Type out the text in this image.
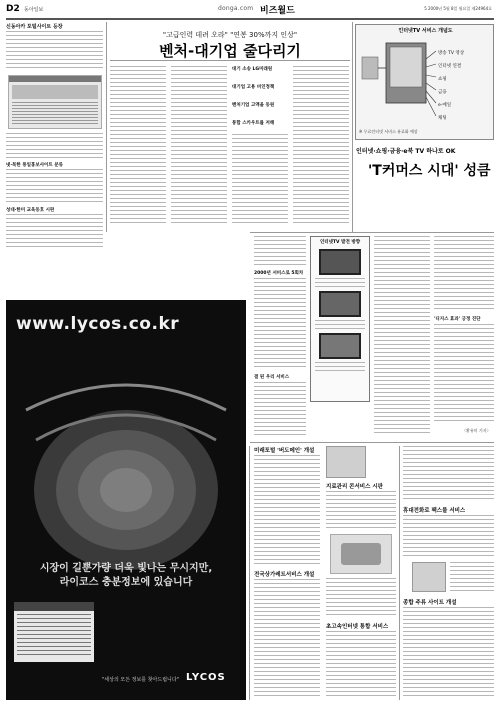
D2 동아일보	donga.com 비즈월드	5 2000년 5월 8일 월요일 제24964호
신동아카 포털사이트 등장
넷·북한 통일홍보사이트 분류
성대·한미 교육동호 시판
"고급인력 데려 오라" "연봉 30%까지 인상"
벤처-대기업 줄다리기
대기 소송 LG미래원
대기업 고용 비인정책
벤처기업 고액을 동원
통합 스카우트를 저해
인터넷TV 서비스 개념도
방송 TV 영상
인터넷 연결
쇼핑
금융
e-메일
채팅
※ 무료인터넷 서비스 유료화 예상
인터넷·쇼핑·금융·e북 TV 하나로 OK
'T커머스 시대' 성큼
2000년 서비스로 5회차
결 된 우리 서비스
인터넷TV 발전 방향
'디지스 효과' 긍정 진단
〈황유미 기자〉
www.lycos.co.kr
시장이 길뿐가량 더욱 빛나는 무시지만,
라이코스 충분정보에 있습니다
"세상의 모든 정보를 찾아드립니다" LYCOS
미래포털 '버도메인' 개설
전국상가레트서비스 개설
지료관리 콘서비스 시판
초고속인터넷 통합 서비스
휴대전화로 팩스를 서비스
종합 주류 사이트 개설
